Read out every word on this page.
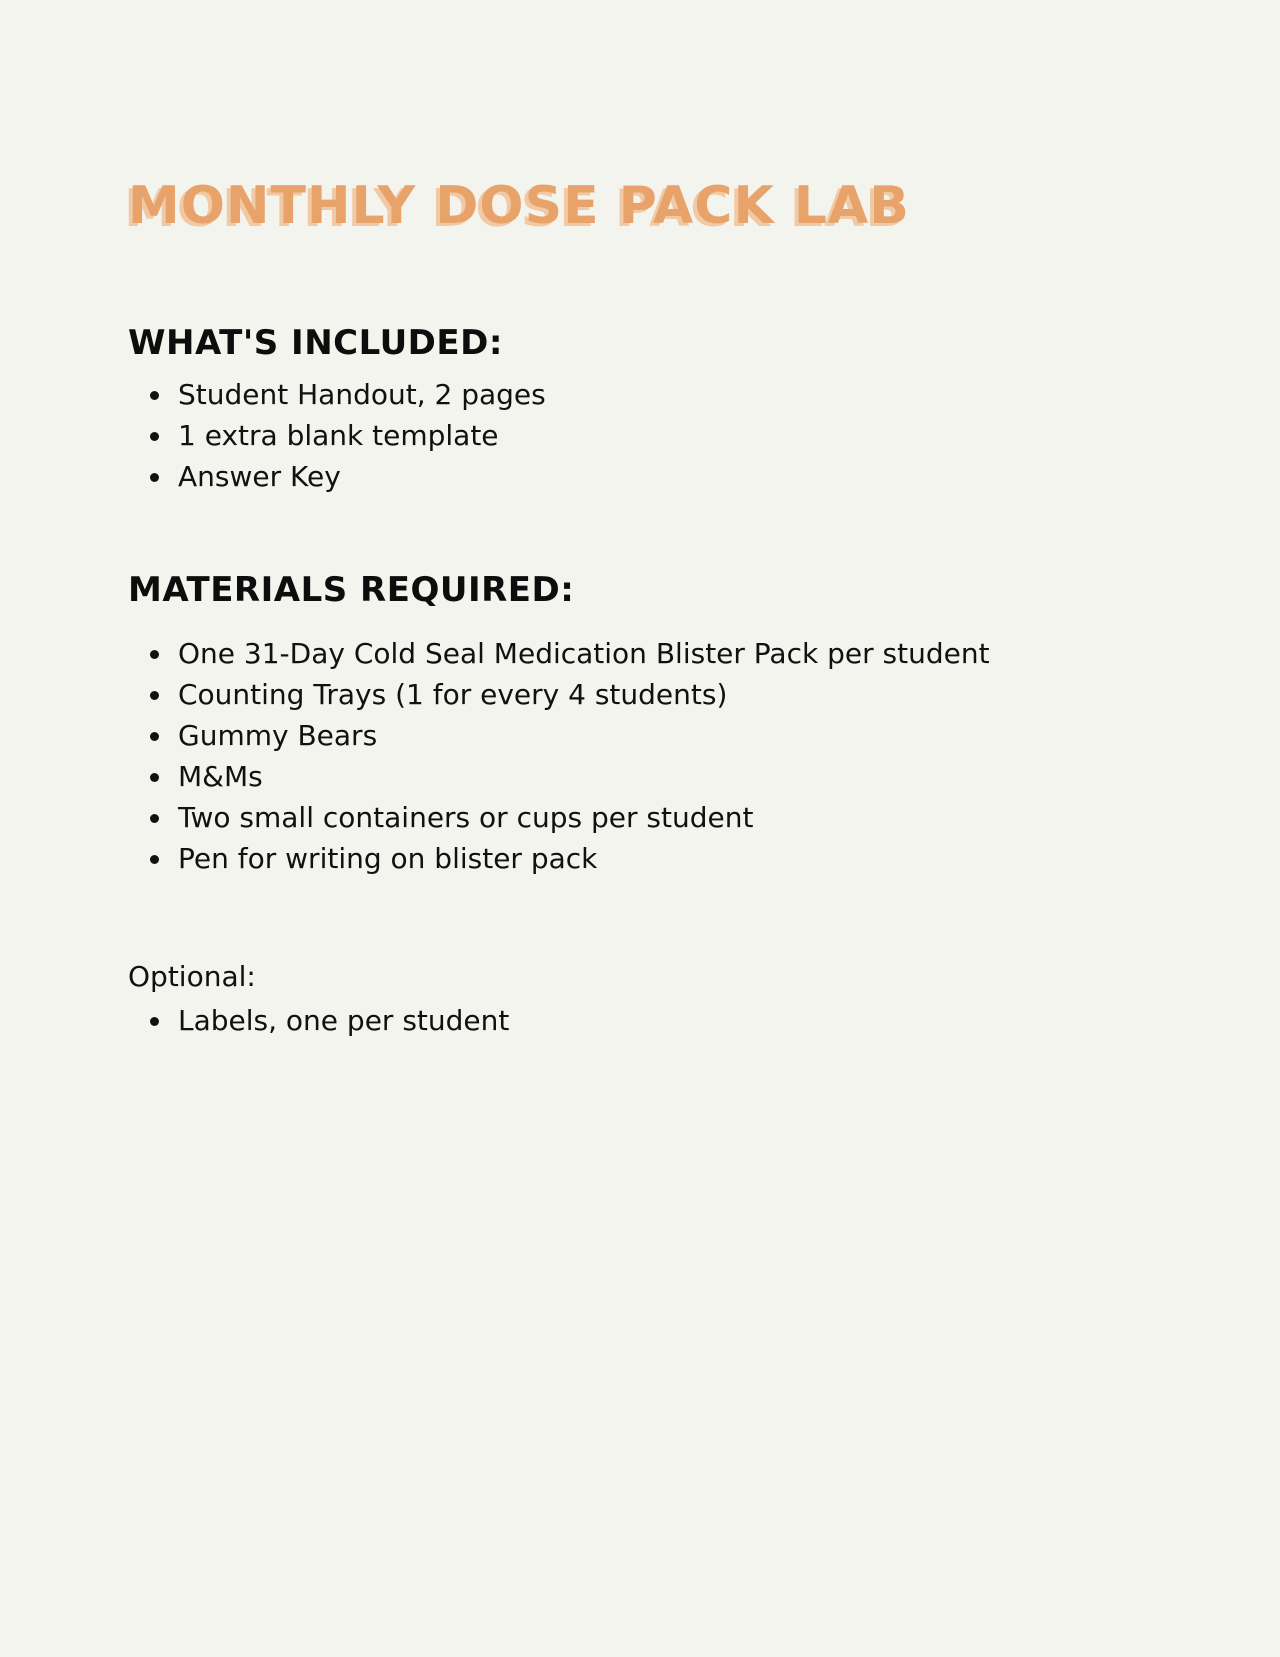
MONTHLY DOSE PACK LAB
WHAT'S INCLUDED:
Student Handout, 2 pages
1 extra blank template
Answer Key
MATERIALS REQUIRED:
One 31-Day Cold Seal Medication Blister Pack per student
Counting Trays (1 for every 4 students)
Gummy Bears
M&Ms
Two small containers or cups per student
Pen for writing on blister pack

Optional:

Labels, one per student
